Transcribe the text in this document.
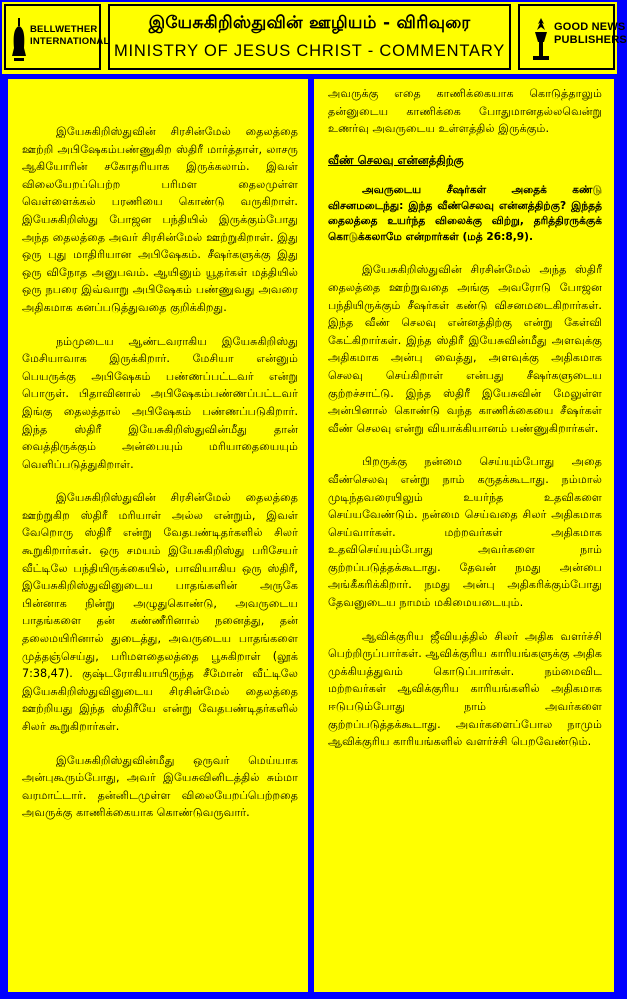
BELLWETHER
INTERNATIONAL
இயேசுகிறிஸ்துவின் ஊழியம் - விரிவுரை
MINISTRY OF JESUS CHRIST - COMMENTARY
GOOD NEWS
PUBLISHERS

இயேசுகிறிஸ்துவின் சிரசின்மேல் தைலத்தை ஊற்றி அபிஷேகம்பண்ணுகிற ஸ்திரீ மார்த்தாள், லாசரு ஆகியோரின் சகோதரியாக இருக்கலாம். இவள் விலையேறப்பெற்ற பரிமள தைலமுள்ள வெள்ளைக்கல் பரணியை கொண்டு வருகிறாள். இயேசுகிறிஸ்து போஜன பந்தியில் இருக்கும்போது அந்த தைலத்தை அவர் சிரசின்மேல் ஊற்றுகிறாள். இது ஒரு புது மாதிரியான அபிஷேகம். சீஷர்களுக்கு இது ஒரு விநோத அனுபவம். ஆயினும் யூதர்கள் மத்தியில் ஒரு நபரை இவ்வாறு அபிஷேகம் பண்ணுவது அவரை அதிகமாக கனப்படுத்துவதை குறிக்கிறது.

நம்முடைய ஆண்டவராகிய இயேசுகிறிஸ்து மேசியாவாக இருக்கிறார். மேசியா என்னும் பெயருக்கு அபிஷேகம் பண்ணப்பட்டவர் என்று பொருள். பிதாவினால் அபிஷேகம்பண்ணப்பட்டவர் இங்கு தைலத்தால் அபிஷேகம் பண்ணப்படுகிறார். இந்த ஸ்திரீ இயேசுகிறிஸ்துவின்மீது தான் வைத்திருக்கும் அன்பையும் மரியாதையையும் வெளிப்படுத்துகிறாள்.

இயேசுகிறிஸ்துவின் சிரசின்மேல் தைலத்தை ஊற்றுகிற ஸ்திரீ மரியாள் அல்ல என்றும், இவள் வேறொரு ஸ்திரீ என்று வேதபண்டிதர்களில் சிலர் கூறுகிறார்கள். ஒரு சமயம் இயேசுகிறிஸ்து பரிசேயர் வீட்டிலே பந்தியிருக்கையில், பாவியாகிய ஒரு ஸ்திரீ, இயேசுகிறிஸ்துவினுடைய பாதங்களின் அருகே பின்னாக நின்று அழுதுகொண்டு, அவருடைய பாதங்களை தன் கண்ணீரினால் நனைத்து, தன் தலைமயிரினால் துடைத்து, அவருடைய பாதங்களை முத்தஞ்செய்து, பரிமளதைலத்தை பூசுகிறாள் (லூக் 7:38,47). குஷ்டரோகியாயிருந்த சீமோன் வீட்டிலே இயேசுகிறிஸ்துவினுடைய சிரசின்மேல் தைலத்தை ஊற்றியது இந்த ஸ்திரீயே என்று வேதபண்டிதர்களில் சிலர் கூறுகிறார்கள்.

இயேசுகிறிஸ்துவின்மீது ஒருவர் மெய்யாக அன்புகூரும்போது, அவர் இயேசுவினிடத்தில் சும்மா வரமாட்டார். தன்னிடமுள்ள விலையேறப்பெற்றதை அவருக்கு காணிக்கையாக கொண்டுவருவார்.

அவருக்கு எதை காணிக்கையாக கொடுத்தாலும் தன்னுடைய காணிக்கை போதுமானதல்லவென்று உணர்வு அவருடைய உள்ளத்தில் இருக்கும்.

வீண் செலவு என்னத்திற்கு
அவருடைய சீஷர்கள் அதைக் கண்டு விசனமடைந்து: இந்த வீண்செலவு என்னத்திற்கு? இந்தத் தைலத்தை உயர்ந்த விலைக்கு விற்று, தரித்திரருக்குக் கொடுக்கலாமே என்றார்கள் (மத் 26:8,9).

இயேசுகிறிஸ்துவின் சிரசின்மேல் அந்த ஸ்திரீ தைலத்தை ஊற்றுவதை அங்கு அவரோடு போஜன பந்தியிருக்கும் சீஷர்கள் கண்டு விசனமடைகிறார்கள். இந்த வீண் செலவு என்னத்திற்கு என்று கேள்வி கேட்கிறார்கள். இந்த ஸ்திரீ இயேசுவின்மீது அளவுக்கு அதிகமாக அன்பு வைத்து, அளவுக்கு அதிகமாக செலவு செய்கிறாள் என்பது சீஷர்களுடைய குற்றச்சாட்டு. இந்த ஸ்திரீ இயேசுவின் மேலுள்ள அன்பினால் கொண்டு வந்த காணிக்கையை சீஷர்கள் வீண் செலவு என்று வியாக்கியானம் பண்ணுகிறார்கள்.

பிறருக்கு நன்மை செய்யும்போது அதை வீண்செலவு என்று நாம் கருதக்கூடாது. நம்மால் முடிந்தவரையிலும் உயர்ந்த உதவிகளை செய்யவேண்டும். நன்மை செய்வதை சிலர் அதிகமாக செய்வார்கள். மற்றவர்கள் அதிகமாக உதவிசெய்யும்போது அவர்களை நாம் குற்றப்படுத்தக்கூடாது. தேவன் நமது அன்பை அங்கீகரிக்கிறார். நமது அன்பு அதிகரிக்கும்போது தேவனுடைய நாமம் மகிமையடையும்.

ஆவிக்குரிய ஜீவியத்தில் சிலர் அதிக வளர்ச்சி பெற்றிருப்பார்கள். ஆவிக்குரிய காரியங்களுக்கு அதிக முக்கியத்துவம் கொடுப்பார்கள். நம்மைவிட மற்றவர்கள் ஆவிக்குரிய காரியங்களில் அதிகமாக ஈடுபடும்போது நாம் அவர்களை குற்றப்படுத்தக்கூடாது. அவர்களைப்போல நாமும் ஆவிக்குரிய காரியங்களில் வளர்ச்சி பெறவேண்டும்.
